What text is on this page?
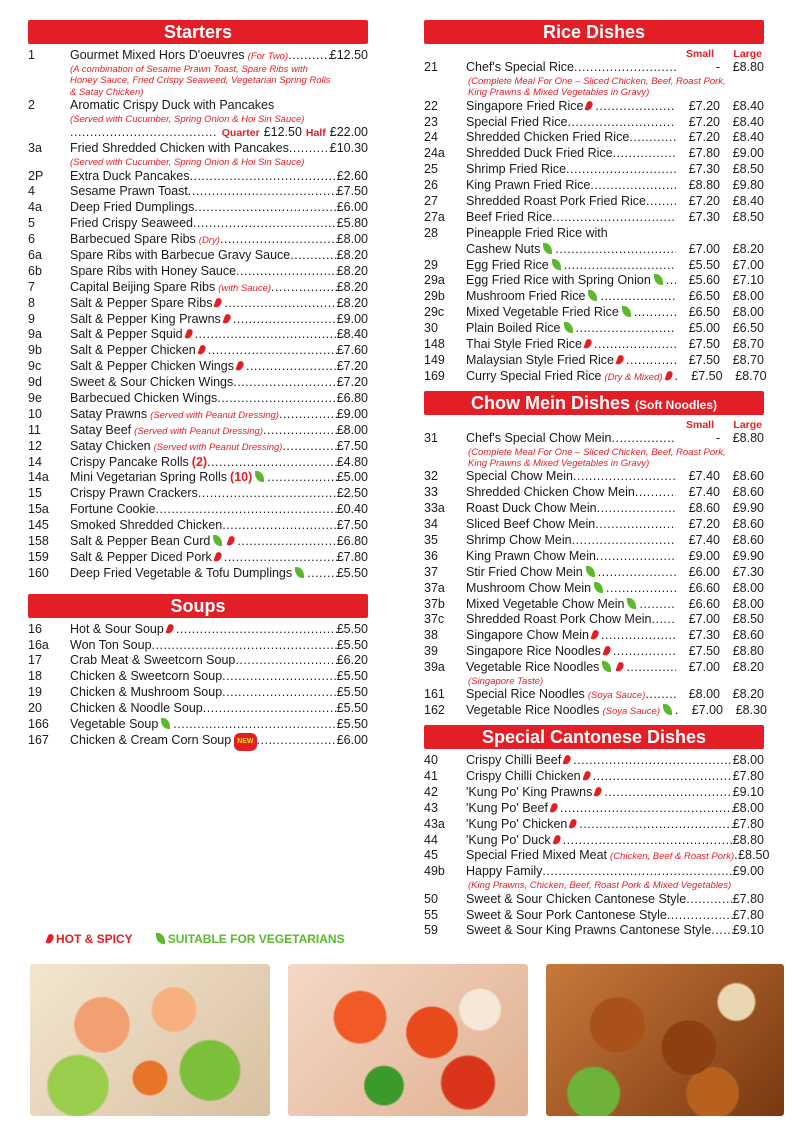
Starters
1	Gourmet Mixed Hors D'oeuvres (For Two) .....	£12.50
(A combination of Sesame Prawn Toast, Spare Ribs with
Honey Sauce, Fried Crispy Seaweed, Vegetarian Spring Rolls
& Satay Chicken)
2	Aromatic Crispy Duck with Pancakes
(Served with Cucumber, Spring Onion & Hoi Sin Sauce)
.....
Quarter £12.50 Half £22.00
3a	Fried Shredded Chicken with Pancakes .....	£10.30
(Served with Cucumber, Spring Onion & Hoi Sin Sauce)
2P	Extra Duck Pancakes .....	£2.60
4	Sesame Prawn Toast .....	£7.50
4a	Deep Fried Dumplings .....	£6.00
5	Fried Crispy Seaweed .....	£5.80
6	Barbecued Spare Ribs (Dry) .....	£8.00
6a	Spare Ribs with Barbecue Gravy Sauce .....	£8.20
6b	Spare Ribs with Honey Sauce .....	£8.20
7	Capital Beijing Spare Ribs (with Sauce) .....	£8.20
8	Salt & Pepper Spare Ribs .....	£8.20
9	Salt & Pepper King Prawns .....	£9.00
9a	Salt & Pepper Squid .....	£8.40
9b	Salt & Pepper Chicken .....	£7.60
9c	Salt & Pepper Chicken Wings .....	£7.20
9d	Sweet & Sour Chicken Wings .....	£7.20
9e	Barbecued Chicken Wings .....	£6.80
10	Satay Prawns (Served with Peanut Dressing) .....	£9.00
11	Satay Beef (Served with Peanut Dressing) .....	£8.00
12	Satay Chicken (Served with Peanut Dressing) .....	£7.50
14	Crispy Pancake Rolls (2) .....	£4.80
14a	Mini Vegetarian Spring Rolls (10) .....	£5.00
15	Crispy Prawn Crackers .....	£2.50
15a	Fortune Cookie .....	£0.40
145	Smoked Shredded Chicken .....	£7.50
158	Salt & Pepper Bean Curd .....	£6.80
159	Salt & Pepper Diced Pork .....	£7.80
160	Deep Fried Vegetable & Tofu Dumplings .....	£5.50
Soups
16	Hot & Sour Soup .....	£5.50
16a	Won Ton Soup .....	£5.50
17	Crab Meat & Sweetcorn Soup .....	£6.20
18	Chicken & Sweetcorn Soup .....	£5.50
19	Chicken & Mushroom Soup .....	£5.50
20	Chicken & Noodle Soup .....	£5.50
166	Vegetable Soup .....	£5.50
167	Chicken & Cream Corn Soup NEW .....	£6.00
Rice Dishes
Small	Large
21	Chef's Special Rice .....	-	£8.80
(Complete Meal For One – Sliced Chicken, Beef, Roast Pork,
King Prawns & Mixed Vegetables in Gravy)
22	Singapore Fried Rice .....	£7.20	£8.40
23	Special Fried Rice .....	£7.20	£8.40
24	Shredded Chicken Fried Rice .....	£7.20	£8.40
24a	Shredded Duck Fried Rice .....	£7.80	£9.00
25	Shrimp Fried Rice .....	£7.30	£8.50
26	King Prawn Fried Rice .....	£8.80	£9.80
27	Shredded Roast Pork Fried Rice .....	£7.20	£8.40
27a	Beef Fried Rice .....	£7.30	£8.50
28	Pineapple Fried Rice with
Cashew Nuts .....	£7.00	£8.20
29	Egg Fried Rice .....	£5.50	£7.00
29a	Egg Fried Rice with Spring Onion .....	£5.60	£7.10
29b	Mushroom Fried Rice .....	£6.50	£8.00
29c	Mixed Vegetable Fried Rice .....	£6.50	£8.00
30	Plain Boiled Rice .....	£5.00	£6.50
148	Thai Style Fried Rice .....	£7.50	£8.70
149	Malaysian Style Fried Rice .....	£7.50	£8.70
169	Curry Special Fried Rice (Dry & Mixed) .....	£7.50	£8.70
Chow Mein Dishes (Soft Noodles)
Small	Large
31	Chef's Special Chow Mein .....	-	£8.80
(Complete Meal For One – Sliced Chicken, Beef, Roast Pork,
King Prawns & Mixed Vegetables in Gravy)
32	Special Chow Mein .....	£7.40	£8.60
33	Shredded Chicken Chow Mein .....	£7.40	£8.60
33a	Roast Duck Chow Mein .....	£8.60	£9.90
34	Sliced Beef Chow Mein .....	£7.20	£8.60
35	Shrimp Chow Mein .....	£7.40	£8.60
36	King Prawn Chow Mein .....	£9.00	£9.90
37	Stir Fried Chow Mein .....	£6.00	£7.30
37a	Mushroom Chow Mein .....	£6.60	£8.00
37b	Mixed Vegetable Chow Mein .....	£6.60	£8.00
37c	Shredded Roast Pork Chow Mein .....	£7.00	£8.50
38	Singapore Chow Mein .....	£7.30	£8.60
39	Singapore Rice Noodles .....	£7.50	£8.80
39a	Vegetable Rice Noodles .....	£7.00	£8.20
(Singapore Taste)
161	Special Rice Noodles (Soya Sauce) .....	£8.00	£8.20
162	Vegetable Rice Noodles (Soya Sauce) .....	£7.00	£8.30
Special Cantonese Dishes
40	Crispy Chilli Beef .....	£8.00
41	Crispy Chilli Chicken .....	£7.80
42	'Kung Po' King Prawns .....	£9.10
43	'Kung Po' Beef .....	£8.00
43a	'Kung Po' Chicken .....	£7.80
44	'Kung Po' Duck .....	£8.80
45	Special Fried Mixed Meat (Chicken, Beef & Roast Pork) ..... £8.50
49b	Happy Family .....	£9.00
(King Prawns, Chicken, Beef, Roast Pork & Mixed Vegetables)
50	Sweet & Sour Chicken Cantonese Style .....	£7.80
55	Sweet & Sour Pork Cantonese Style .....	£7.80
59	Sweet & Sour King Prawns Cantonese Style ..... £9.10
HOT & SPICY	SUITABLE FOR VEGETARIANS
